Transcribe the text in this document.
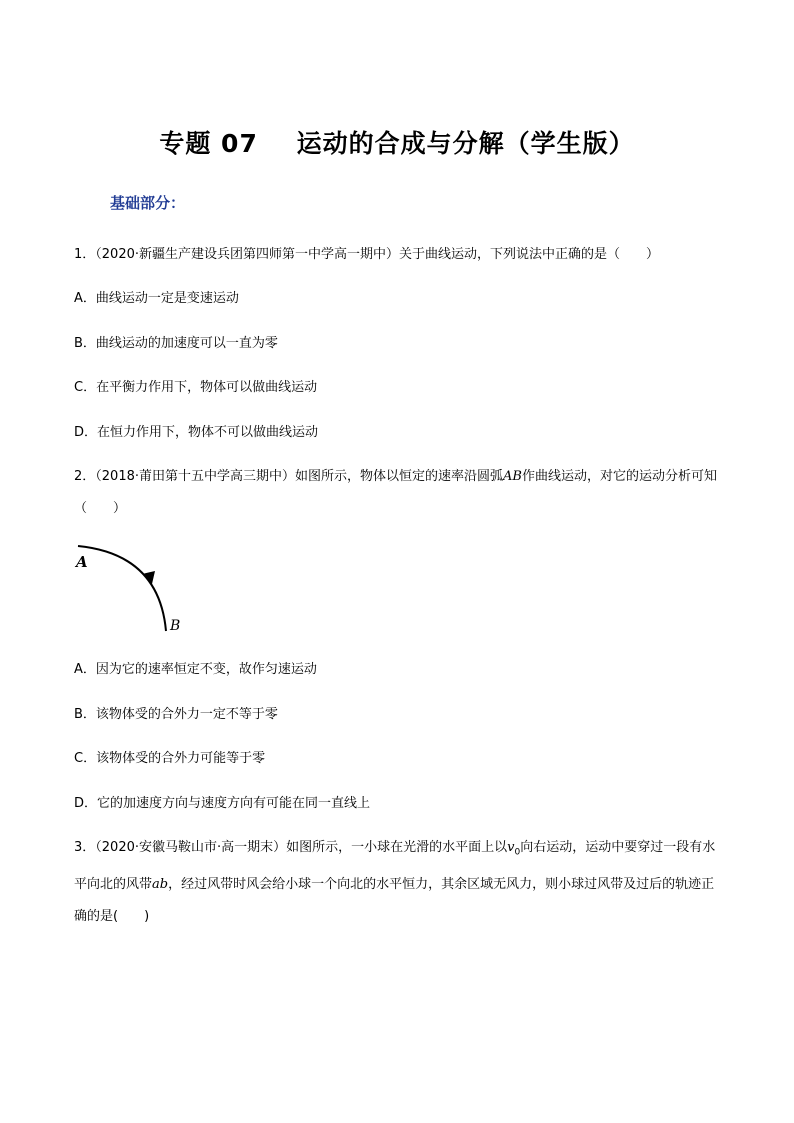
专题 07    运动的合成与分解（学生版）
基础部分：
1．（2020·新疆生产建设兵团第四师第一中学高一期中）关于曲线运动，下列说法中正确的是（　　）
A．曲线运动一定是变速运动
B．曲线运动的加速度可以一直为零
C．在平衡力作用下，物体可以做曲线运动
D．在恒力作用下，物体不可以做曲线运动
2．（2018·莆田第十五中学高三期中）如图所示，物体以恒定的速率沿圆弧AB作曲线运动，对它的运动分析可知（　　）
A
B
A．因为它的速率恒定不变，故作匀速运动
B．该物体受的合外力一定不等于零
C．该物体受的合外力可能等于零
D．它的加速度方向与速度方向有可能在同一直线上
3．（2020·安徽马鞍山市·高一期末）如图所示，一小球在光滑的水平面上以$v_0$向右运动，运动中要穿过一段有水平向北的风带ab，经过风带时风会给小球一个向北的水平恒力，其余区域无风力，则小球过风带及过后的轨迹正确的是(　　)
